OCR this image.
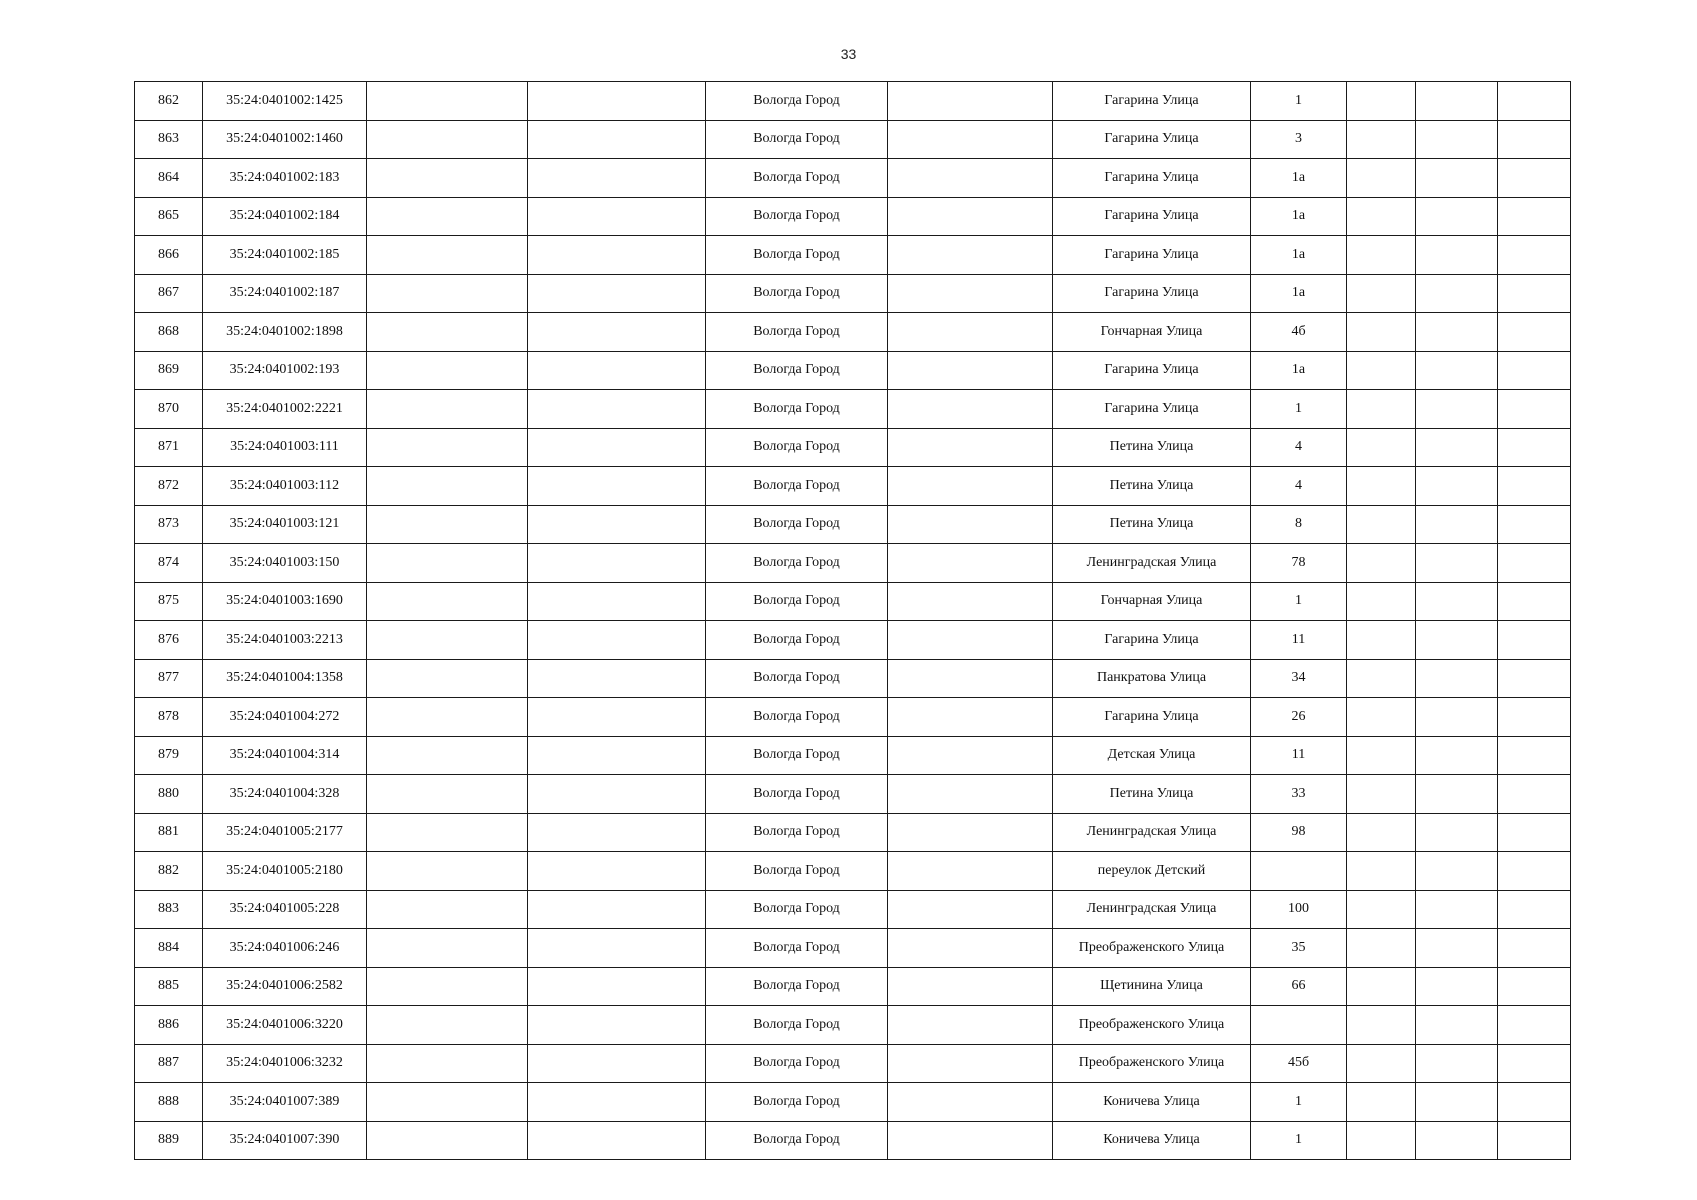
33
862	35:24:0401002:1425			Вологда Город		Гагарина Улица	1			
863	35:24:0401002:1460			Вологда Город		Гагарина Улица	3			
864	35:24:0401002:183			Вологда Город		Гагарина Улица	1а			
865	35:24:0401002:184			Вологда Город		Гагарина Улица	1а			
866	35:24:0401002:185			Вологда Город		Гагарина Улица	1а			
867	35:24:0401002:187			Вологда Город		Гагарина Улица	1а			
868	35:24:0401002:1898			Вологда Город		Гончарная Улица	4б			
869	35:24:0401002:193			Вологда Город		Гагарина Улица	1а			
870	35:24:0401002:2221			Вологда Город		Гагарина Улица	1			
871	35:24:0401003:111			Вологда Город		Петина Улица	4			
872	35:24:0401003:112			Вологда Город		Петина Улица	4			
873	35:24:0401003:121			Вологда Город		Петина Улица	8			
874	35:24:0401003:150			Вологда Город		Ленинградская Улица	78			
875	35:24:0401003:1690			Вологда Город		Гончарная Улица	1			
876	35:24:0401003:2213			Вологда Город		Гагарина Улица	11			
877	35:24:0401004:1358			Вологда Город		Панкратова Улица	34			
878	35:24:0401004:272			Вологда Город		Гагарина Улица	26			
879	35:24:0401004:314			Вологда Город		Детская Улица	11			
880	35:24:0401004:328			Вологда Город		Петина Улица	33			
881	35:24:0401005:2177			Вологда Город		Ленинградская Улица	98			
882	35:24:0401005:2180			Вологда Город		переулок Детский				
883	35:24:0401005:228			Вологда Город		Ленинградская Улица	100			
884	35:24:0401006:246			Вологда Город		Преображенского Улица	35			
885	35:24:0401006:2582			Вологда Город		Щетинина Улица	66			
886	35:24:0401006:3220			Вологда Город		Преображенского Улица				
887	35:24:0401006:3232			Вологда Город		Преображенского Улица	45б			
888	35:24:0401007:389			Вологда Город		Коничева Улица	1			
889	35:24:0401007:390			Вологда Город		Коничева Улица	1			
